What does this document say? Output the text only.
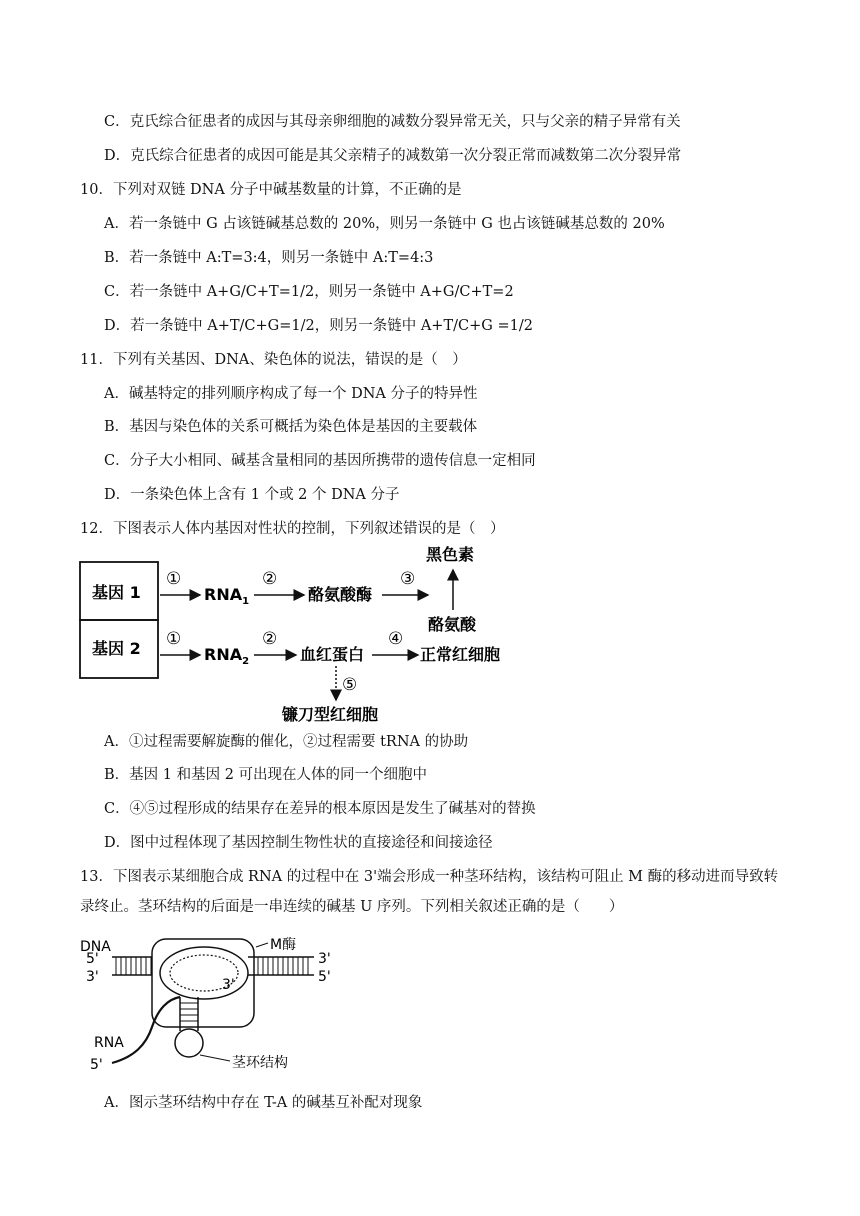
C．克氏综合征患者的成因与其母亲卵细胞的减数分裂异常无关，只与父亲的精子异常有关
D．克氏综合征患者的成因可能是其父亲精子的减数第一次分裂正常而减数第二次分裂异常
10．下列对双链 DNA 分子中碱基数量的计算，不正确的是
A．若一条链中 G 占该链碱基总数的 20%，则另一条链中 G 也占该链碱基总数的 20%
B．若一条链中 A:T=3:4，则另一条链中 A:T=4:3
C．若一条链中 A+G/C+T=1/2，则另一条链中 A+G/C+T=2
D．若一条链中 A+T/C+G=1/2，则另一条链中 A+T/C+G =1/2
11．下列有关基因、DNA、染色体的说法，错误的是（　）
A．碱基特定的排列顺序构成了每一个 DNA 分子的特异性
B．基因与染色体的关系可概括为染色体是基因的主要载体
C．分子大小相同、碱基含量相同的基因所携带的遗传信息一定相同
D．一条染色体上含有 1 个或 2 个 DNA 分子
12．下图表示人体内基因对性状的控制，下列叙述错误的是（　）
基因 1
基因 2
①
$RNA_1$
②
酪氨酸酶
③
黑色素
酪氨酸
①
$RNA_2$
②
血红蛋白
④
正常红细胞
⑤
镰刀型红细胞
A．①过程需要解旋酶的催化，②过程需要 tRNA 的协助
B．基因 1 和基因 2 可出现在人体的同一个细胞中
C．④⑤过程形成的结果存在差异的根本原因是发生了碱基对的替换
D．图中过程体现了基因控制生物性状的直接途径和间接途径
13．下图表示某细胞合成 RNA 的过程中在 3'端会形成一种茎环结构，该结构可阻止 M 酶的移动进而导致转录终止。茎环结构的后面是一串连续的碱基 U 序列。下列相关叙述正确的是（　　）
DNA	M酶
5'
3'	3'
3'
5'
RNA
5'	茎环结构
A．图示茎环结构中存在 T-A 的碱基互补配对现象
